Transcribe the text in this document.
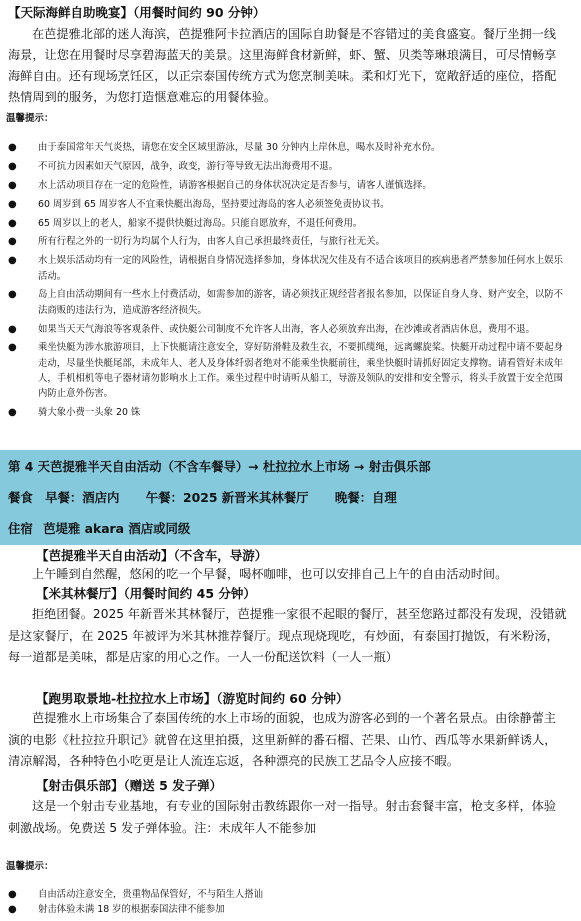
【天际海鲜自助晚宴】（用餐时间约 90 分钟）
在芭提雅北部的迷人海滨，芭提雅阿卡拉酒店的国际自助餐是不容错过的美食盛宴。餐厅坐拥一线海景，让您在用餐时尽享碧海蓝天的美景。这里海鲜食材新鲜，虾、蟹、贝类等琳琅满目，可尽情畅享海鲜自由。还有现场烹饪区，以正宗泰国传统方式为您烹制美味。柔和灯光下，宽敞舒适的座位，搭配热情周到的服务，为您打造惬意难忘的用餐体验。
温馨提示：
● 由于泰国常年天气炎热，请您在安全区域里游泳，尽量 30 分钟内上岸休息，喝水及时补充水份。
● 不可抗力因素如天气原因，战争，政变，游行等导致无法出海费用不退。
● 水上活动项目存在一定的危险性，请游客根据自己的身体状况决定是否参与，请客人谨慎选择。
● 60 周岁到 65 周岁客人不宜乘快艇出海岛，坚持要过海岛的客人必须签免责协议书。
● 65 周岁以上的老人，船家不提供快艇过海岛。只能自愿放弃，不退任何费用。
● 所有行程之外的一切行为均属个人行为，由客人自己承担最终责任，与旅行社无关。
● 水上娱乐活动均有一定的风险性，请根据自身情况选择参加，身体状况欠佳及有不适合该项目的疾病患者严禁参加任何水上娱乐活动。
● 岛上自由活动期间有一些水上付费活动，如需参加的游客，请必须找正规经营者报名参加，以保证自身人身、财产安全，以防不法商贩的违法行为，造成游客经济损失。
● 如果当天天气海浪等客观条件、或快艇公司制度不允许客人出海，客人必须放弃出海，在沙滩或者酒店休息，费用不退。
● 乘坐快艇为涉水旅游项目，上下快艇请注意安全，穿好防滑鞋及救生衣，不要抓缆绳，远离螺旋桨。快艇开动过程中请不要起身走动，尽量坐快艇尾部，未成年人、老人及身体纤弱者绝对不能乘坐快艇前往，乘坐快艇时请抓好固定支撑物。请看管好未成年人，手机相机等电子器材请勿影响水上工作。乘坐过程中时请听从船工，导游及领队的安排和安全警示，将头手放置于安全范围内防止意外伤害。
● 骑大象小费一头象 20 铢
第 4 天芭提雅半天自由活动（不含车餐导）→ 杜拉拉水上市场 → 射击俱乐部
餐食 早餐：酒店内 午餐：2025 新晋米其林餐厅 晚餐：自理
住宿 芭堤雅 akara 酒店或同级
【芭提雅半天自由活动】（不含车，导游）
上午睡到自然醒，悠闲的吃一个早餐，喝杯咖啡，也可以安排自己上午的自由活动时间。
【米其林餐厅】（用餐时间约 45 分钟）
拒绝团餐。2025 年新晋米其林餐厅，芭提雅一家很不起眼的餐厅，甚至您路过都没有发现，没错就是这家餐厅，在 2025 年被评为米其林推荐餐厅。现点现烧现吃，有炒面，有泰国打抛饭，有米粉汤，每一道都是美味，都是店家的用心之作。一人一份配送饮料（一人一瓶）
【跑男取景地-杜拉拉水上市场】（游览时间约 60 分钟）
芭提雅水上市场集合了泰国传统的水上市场的面貌，也成为游客必到的一个著名景点。由徐静蕾主演的电影《杜拉拉升职记》就曾在这里拍摄，这里新鲜的番石榴、芒果、山竹、西瓜等水果新鲜诱人，清凉解渴，各种特色小吃更是让人流连忘返，各种漂亮的民族工艺品令人应接不暇。
【射击俱乐部】（赠送 5 发子弹）
这是一个射击专业基地，有专业的国际射击教练跟你一对一指导。射击套餐丰富，枪支多样，体验刺激战场。免费送 5 发子弹体验。注：未成年人不能参加
温馨提示：
● 自由活动注意安全，贵重物品保管好，不与陌生人搭讪
● 射击体验未满 18 岁的根据泰国法律不能参加
